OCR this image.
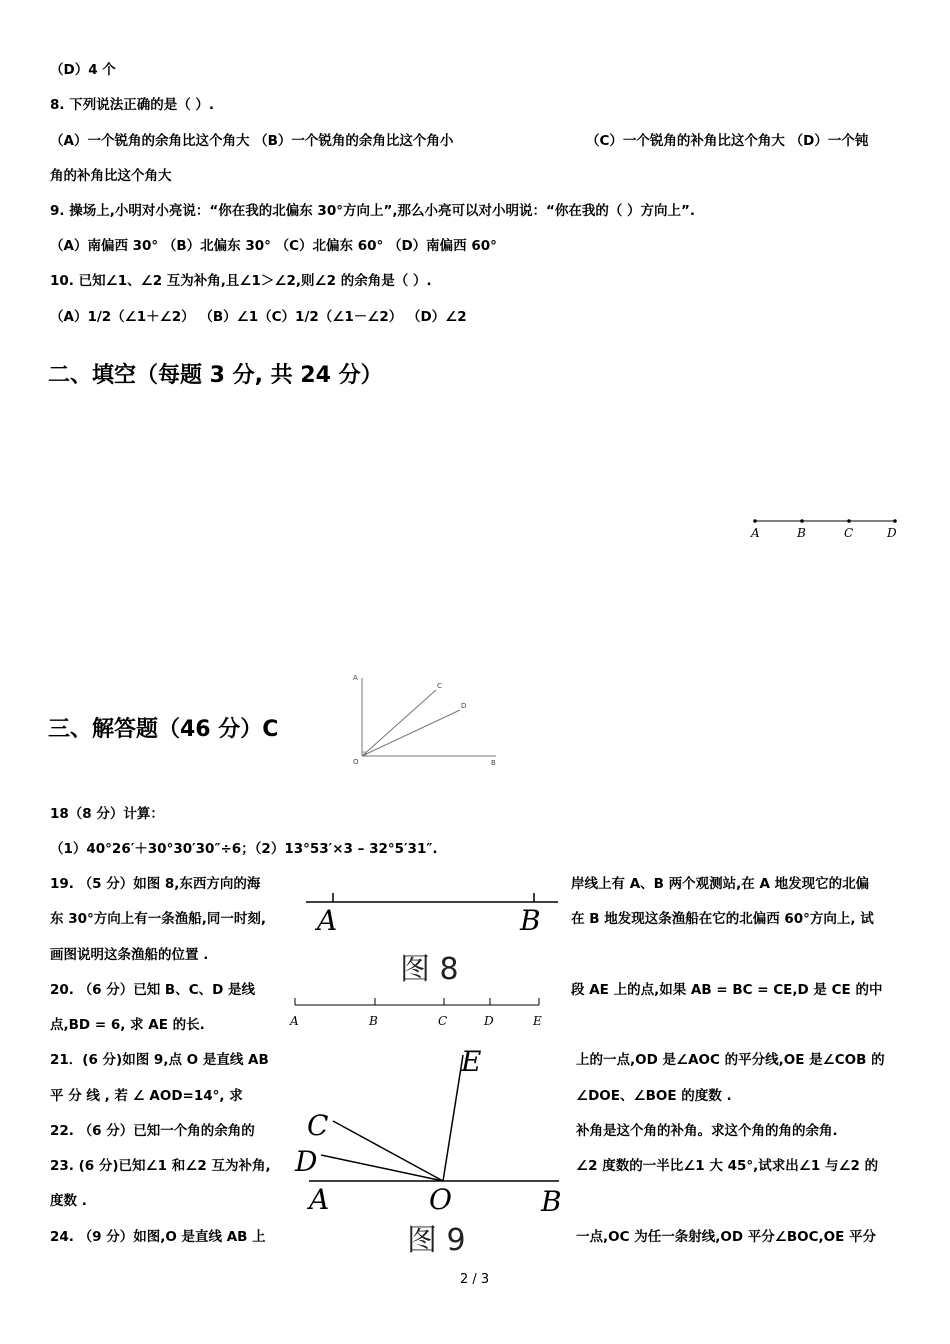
（D）4 个
8. 下列说法正确的是（ ）.
（A）一个锐角的余角比这个角大 （B）一个锐角的余角比这个角小	（C）一个锐角的补角比这个角大 （D）一个钝
角的补角比这个角大
9. 操场上,小明对小亮说：“你在我的北偏东 30°方向上”,那么小亮可以对小明说：“你在我的（ ）方向上”.
（A）南偏西 30° （B）北偏东 30° （C）北偏东 60° （D）南偏西 60°
10. 已知∠1、∠2 互为补角,且∠1＞∠2,则∠2 的余角是（ ）.
（A）1/2（∠1＋∠2） （B）∠1（C）1/2（∠1－∠2） （D）∠2
二、填空（每题 3 分, 共 24 分）
A	B	C	D
三、解答题（46 分）C
A
C
D
O	B
18（8 分）计算：
（1）40°26′＋30°30′30″÷6；（2）13°53′×3 – 32°5′31″.
19. （5 分）如图 8,东西方向的海	岸线上有 A、B 两个观测站,在 A 地发现它的北偏
东 30°方向上有一条渔船,同一时刻,	在 B 地发现这条渔船在它的北偏西 60°方向上, 试
画图说明这条渔船的位置 .
A	B
图 8
20. （6 分）已知 B、C、D 是线	段 AE 上的点,如果 AB = BC = CE,D 是 CE 的中
点,BD = 6, 求 AE 的长.	A	B	C	D	E
21．(6 分)如图 9,点 O 是直线 AB	上的一点,OD 是∠AOC 的平分线,OE 是∠COB 的
平 分 线 , 若 ∠ AOD=14°, 求	∠DOE、∠BOE 的度数 .
22. （6 分）已知一个角的余角的	补角是这个角的补角。求这个角的角的余角.
23. (6 分)已知∠1 和∠2 互为补角,	∠2 度数的一半比∠1 大 45°,试求出∠1 与∠2 的
度数 .
E
C
D
A	O	B
图 9
24. （9 分）如图,O 是直线 AB 上	一点,OC 为任一条射线,OD 平分∠BOC,OE 平分
2 / 3
